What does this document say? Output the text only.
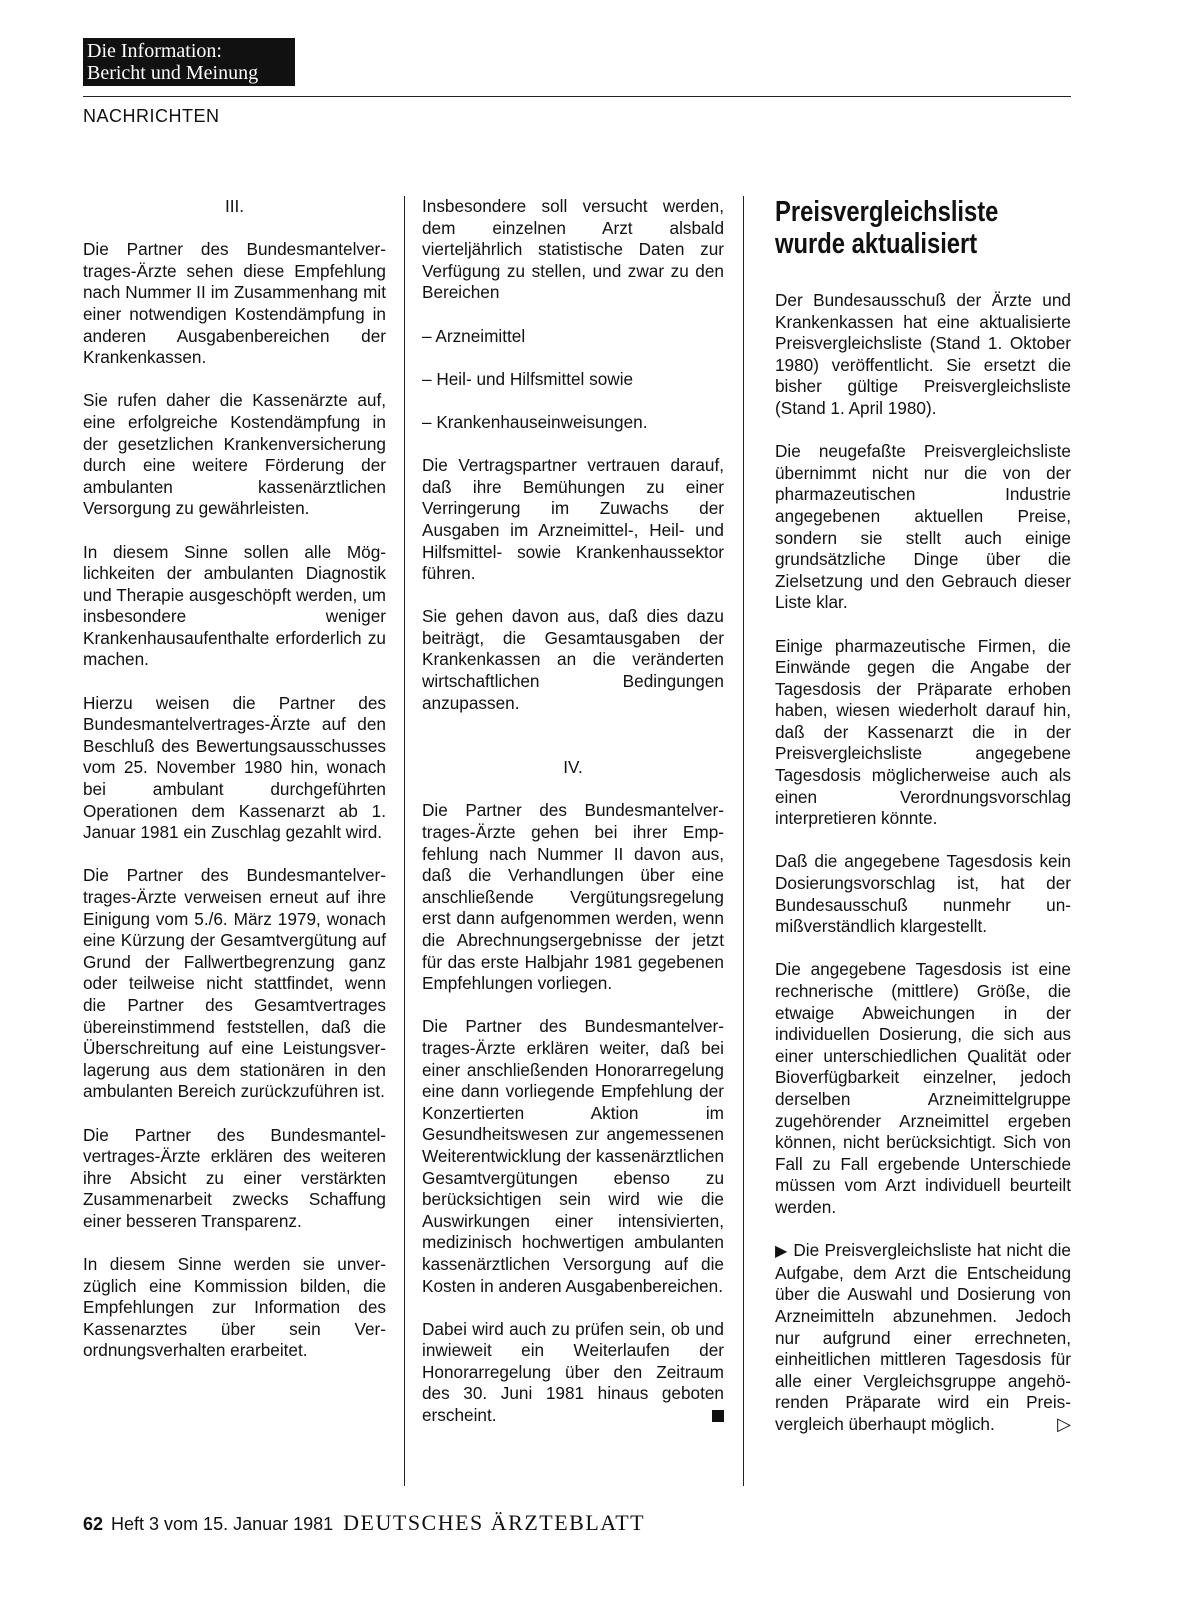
Die Information:
Bericht und Meinung
NACHRICHTEN

III.

Die Partner des Bundesmantelvertrages-Ärzte sehen diese Empfehlung nach Nummer II im Zusammenhang mit einer notwendigen Kostendämpfung in anderen Ausgabenbereichen der Krankenkassen.

Sie rufen daher die Kassenärzte auf, eine erfolgreiche Kostendämpfung in der gesetzlichen Krankenversicherung durch eine weitere Förderung der ambulanten kassenärztlichen Versorgung zu gewährleisten.

In diesem Sinne sollen alle Möglichkeiten der ambulanten Diagnostik und Therapie ausgeschöpft werden, um insbesondere weniger Krankenhausaufenthalte erforderlich zu machen.

Hierzu weisen die Partner des Bundesmantelvertrages-Ärzte auf den Beschluß des Bewertungsausschusses vom 25. November 1980 hin, wonach bei ambulant durchgeführten Operationen dem Kassenarzt ab 1. Januar 1981 ein Zuschlag gezahlt wird.

Die Partner des Bundesmantelvertrages-Ärzte verweisen erneut auf ihre Einigung vom 5./6. März 1979, wonach eine Kürzung der Gesamtvergütung auf Grund der Fallwertbegrenzung ganz oder teilweise nicht stattfindet, wenn die Partner des Gesamtvertrages übereinstimmend feststellen, daß die Überschreitung auf eine Leistungsverlagerung aus dem stationären in den ambulanten Bereich zurückzuführen ist.

Die Partner des Bundesmantelvertrages-Ärzte erklären des weiteren ihre Absicht zu einer verstärkten Zusammenarbeit zwecks Schaffung einer besseren Transparenz.

In diesem Sinne werden sie unverzüglich eine Kommission bilden, die Empfehlungen zur Information des Kassenarztes über sein Verordnungsverhalten erarbeitet.

Insbesondere soll versucht werden, dem einzelnen Arzt alsbald vierteljährlich statistische Daten zur Verfügung zu stellen, und zwar zu den Bereichen

– Arzneimittel

– Heil- und Hilfsmittel sowie

– Krankenhauseinweisungen.

Die Vertragspartner vertrauen darauf, daß ihre Bemühungen zu einer Verringerung im Zuwachs der Ausgaben im Arzneimittel-, Heil- und Hilfsmittel- sowie Krankenhaussektor führen.

Sie gehen davon aus, daß dies dazu beiträgt, die Gesamtausgaben der Krankenkassen an die veränderten wirtschaftlichen Bedingungen anzupassen.

IV.

Die Partner des Bundesmantelvertrages-Ärzte gehen bei ihrer Empfehlung nach Nummer II davon aus, daß die Verhandlungen über eine anschließende Vergütungsregelung erst dann aufgenommen werden, wenn die Abrechnungsergebnisse der jetzt für das erste Halbjahr 1981 gegebenen Empfehlungen vorliegen.

Die Partner des Bundesmantelvertrages-Ärzte erklären weiter, daß bei einer anschließenden Honorarregelung eine dann vorliegende Empfehlung der Konzertierten Aktion im Gesundheitswesen zur angemessenen Weiterentwicklung der kassenärztlichen Gesamtvergütungen ebenso zu berücksichtigen sein wird wie die Auswirkungen einer intensivierten, medizinisch hochwertigen ambulanten kassenärztlichen Versorgung auf die Kosten in anderen Ausgabenbereichen.

Dabei wird auch zu prüfen sein, ob und inwieweit ein Weiterlaufen der Honorarregelung über den Zeitraum des 30. Juni 1981 hinaus geboten erscheint.

Preisvergleichsliste wurde aktualisiert

Der Bundesausschuß der Ärzte und Krankenkassen hat eine aktualisierte Preisvergleichsliste (Stand 1. Oktober 1980) veröffentlicht. Sie ersetzt die bisher gültige Preisvergleichsliste (Stand 1. April 1980).

Die neugefaßte Preisvergleichsliste übernimmt nicht nur die von der pharmazeutischen Industrie angegebenen aktuellen Preise, sondern sie stellt auch einige grundsätzliche Dinge über die Zielsetzung und den Gebrauch dieser Liste klar.

Einige pharmazeutische Firmen, die Einwände gegen die Angabe der Tagesdosis der Präparate erhoben haben, wiesen wiederholt darauf hin, daß der Kassenarzt die in der Preisvergleichsliste angegebene Tagesdosis möglicherweise auch als einen Verordnungsvorschlag interpretieren könnte.

Daß die angegebene Tagesdosis kein Dosierungsvorschlag ist, hat der Bundesausschuß nunmehr unmißverständlich klargestellt.

Die angegebene Tagesdosis ist eine rechnerische (mittlere) Größe, die etwaige Abweichungen in der individuellen Dosierung, die sich aus einer unterschiedlichen Qualität oder Bioverfügbarkeit einzelner, jedoch derselben Arzneimittelgruppe zugehörender Arzneimittel ergeben können, nicht berücksichtigt. Sich von Fall zu Fall ergebende Unterschiede müssen vom Arzt individuell beurteilt werden.

▶ Die Preisvergleichsliste hat nicht die Aufgabe, dem Arzt die Entscheidung über die Auswahl und Dosierung von Arzneimitteln abzunehmen. Jedoch nur aufgrund einer errechneten, einheitlichen mittleren Tagesdosis für alle einer Vergleichsgruppe angehörenden Präparate wird ein Preisvergleich überhaupt möglich.	▷

62 Heft 3 vom 15. Januar 1981 DEUTSCHES ÄRZTEBLATT
